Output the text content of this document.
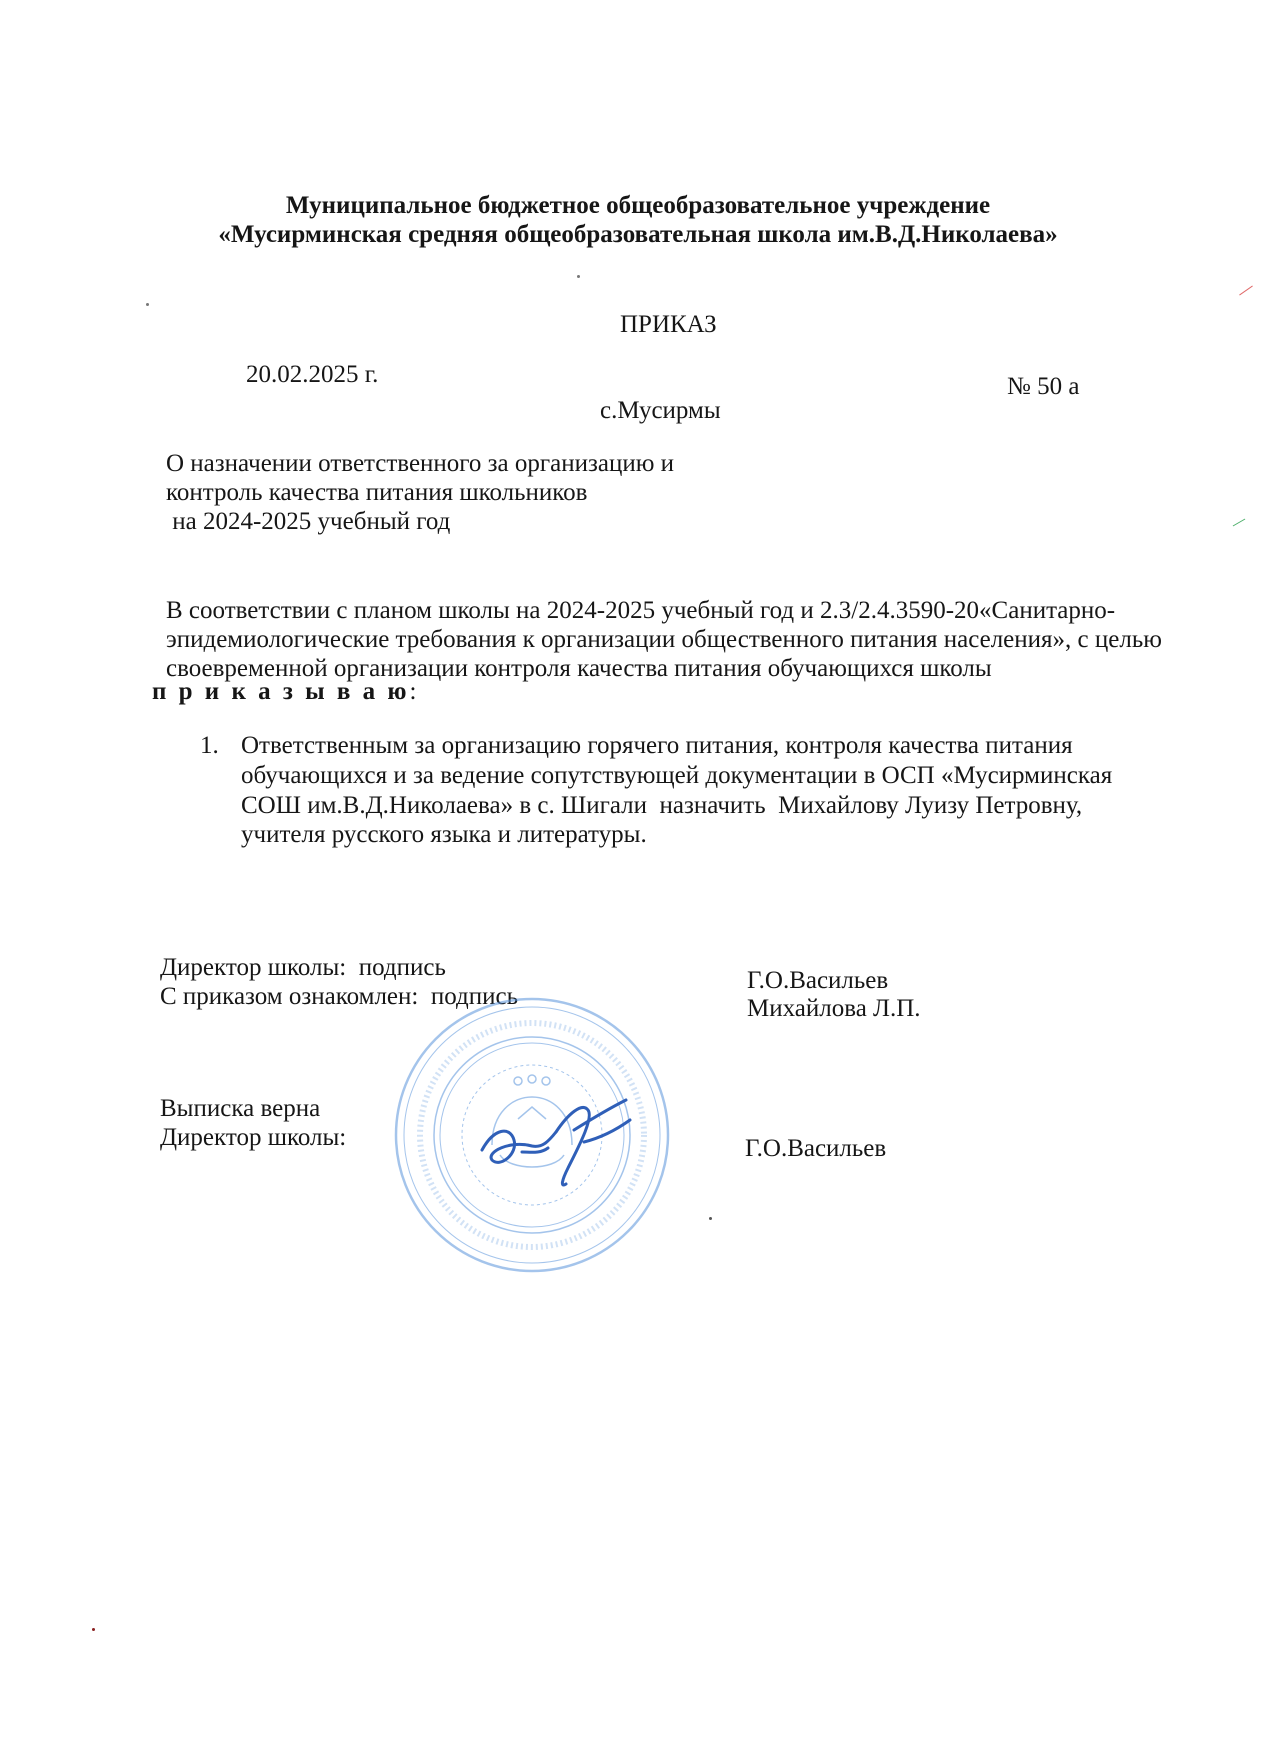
Муниципальное бюджетное общеобразовательное учреждение
«Мусирминская средняя общеобразовательная школа им.В.Д.Николаева»
ПРИКАЗ
20.02.2025 г.	№ 50 а
с.Мусирмы
О назначении ответственного за организацию и
контроль качества питания школьников
на 2024-2025 учебный год
В соответствии с планом школы на 2024-2025 учебный год и 2.3/2.4.3590-20«Санитарно-
эпидемиологические требования к организации общественного питания населения», с целью
своевременной организации контроля качества питания обучающихся школы
п р и к а з ы в а ю:
1. Ответственным за организацию горячего питания, контроля качества питания
обучающихся и за ведение сопутствующей документации в ОСП «Мусирминская
СОШ им.В.Д.Николаева» в с. Шигали  назначить  Михайлову Луизу Петровну,
учителя русского языка и литературы.
Директор школы:  подпись	Г.О.Васильев
С приказом ознакомлен:  подпись	Михайлова Л.П.
Выписка верна
Директор школы:	Г.О.Васильев
